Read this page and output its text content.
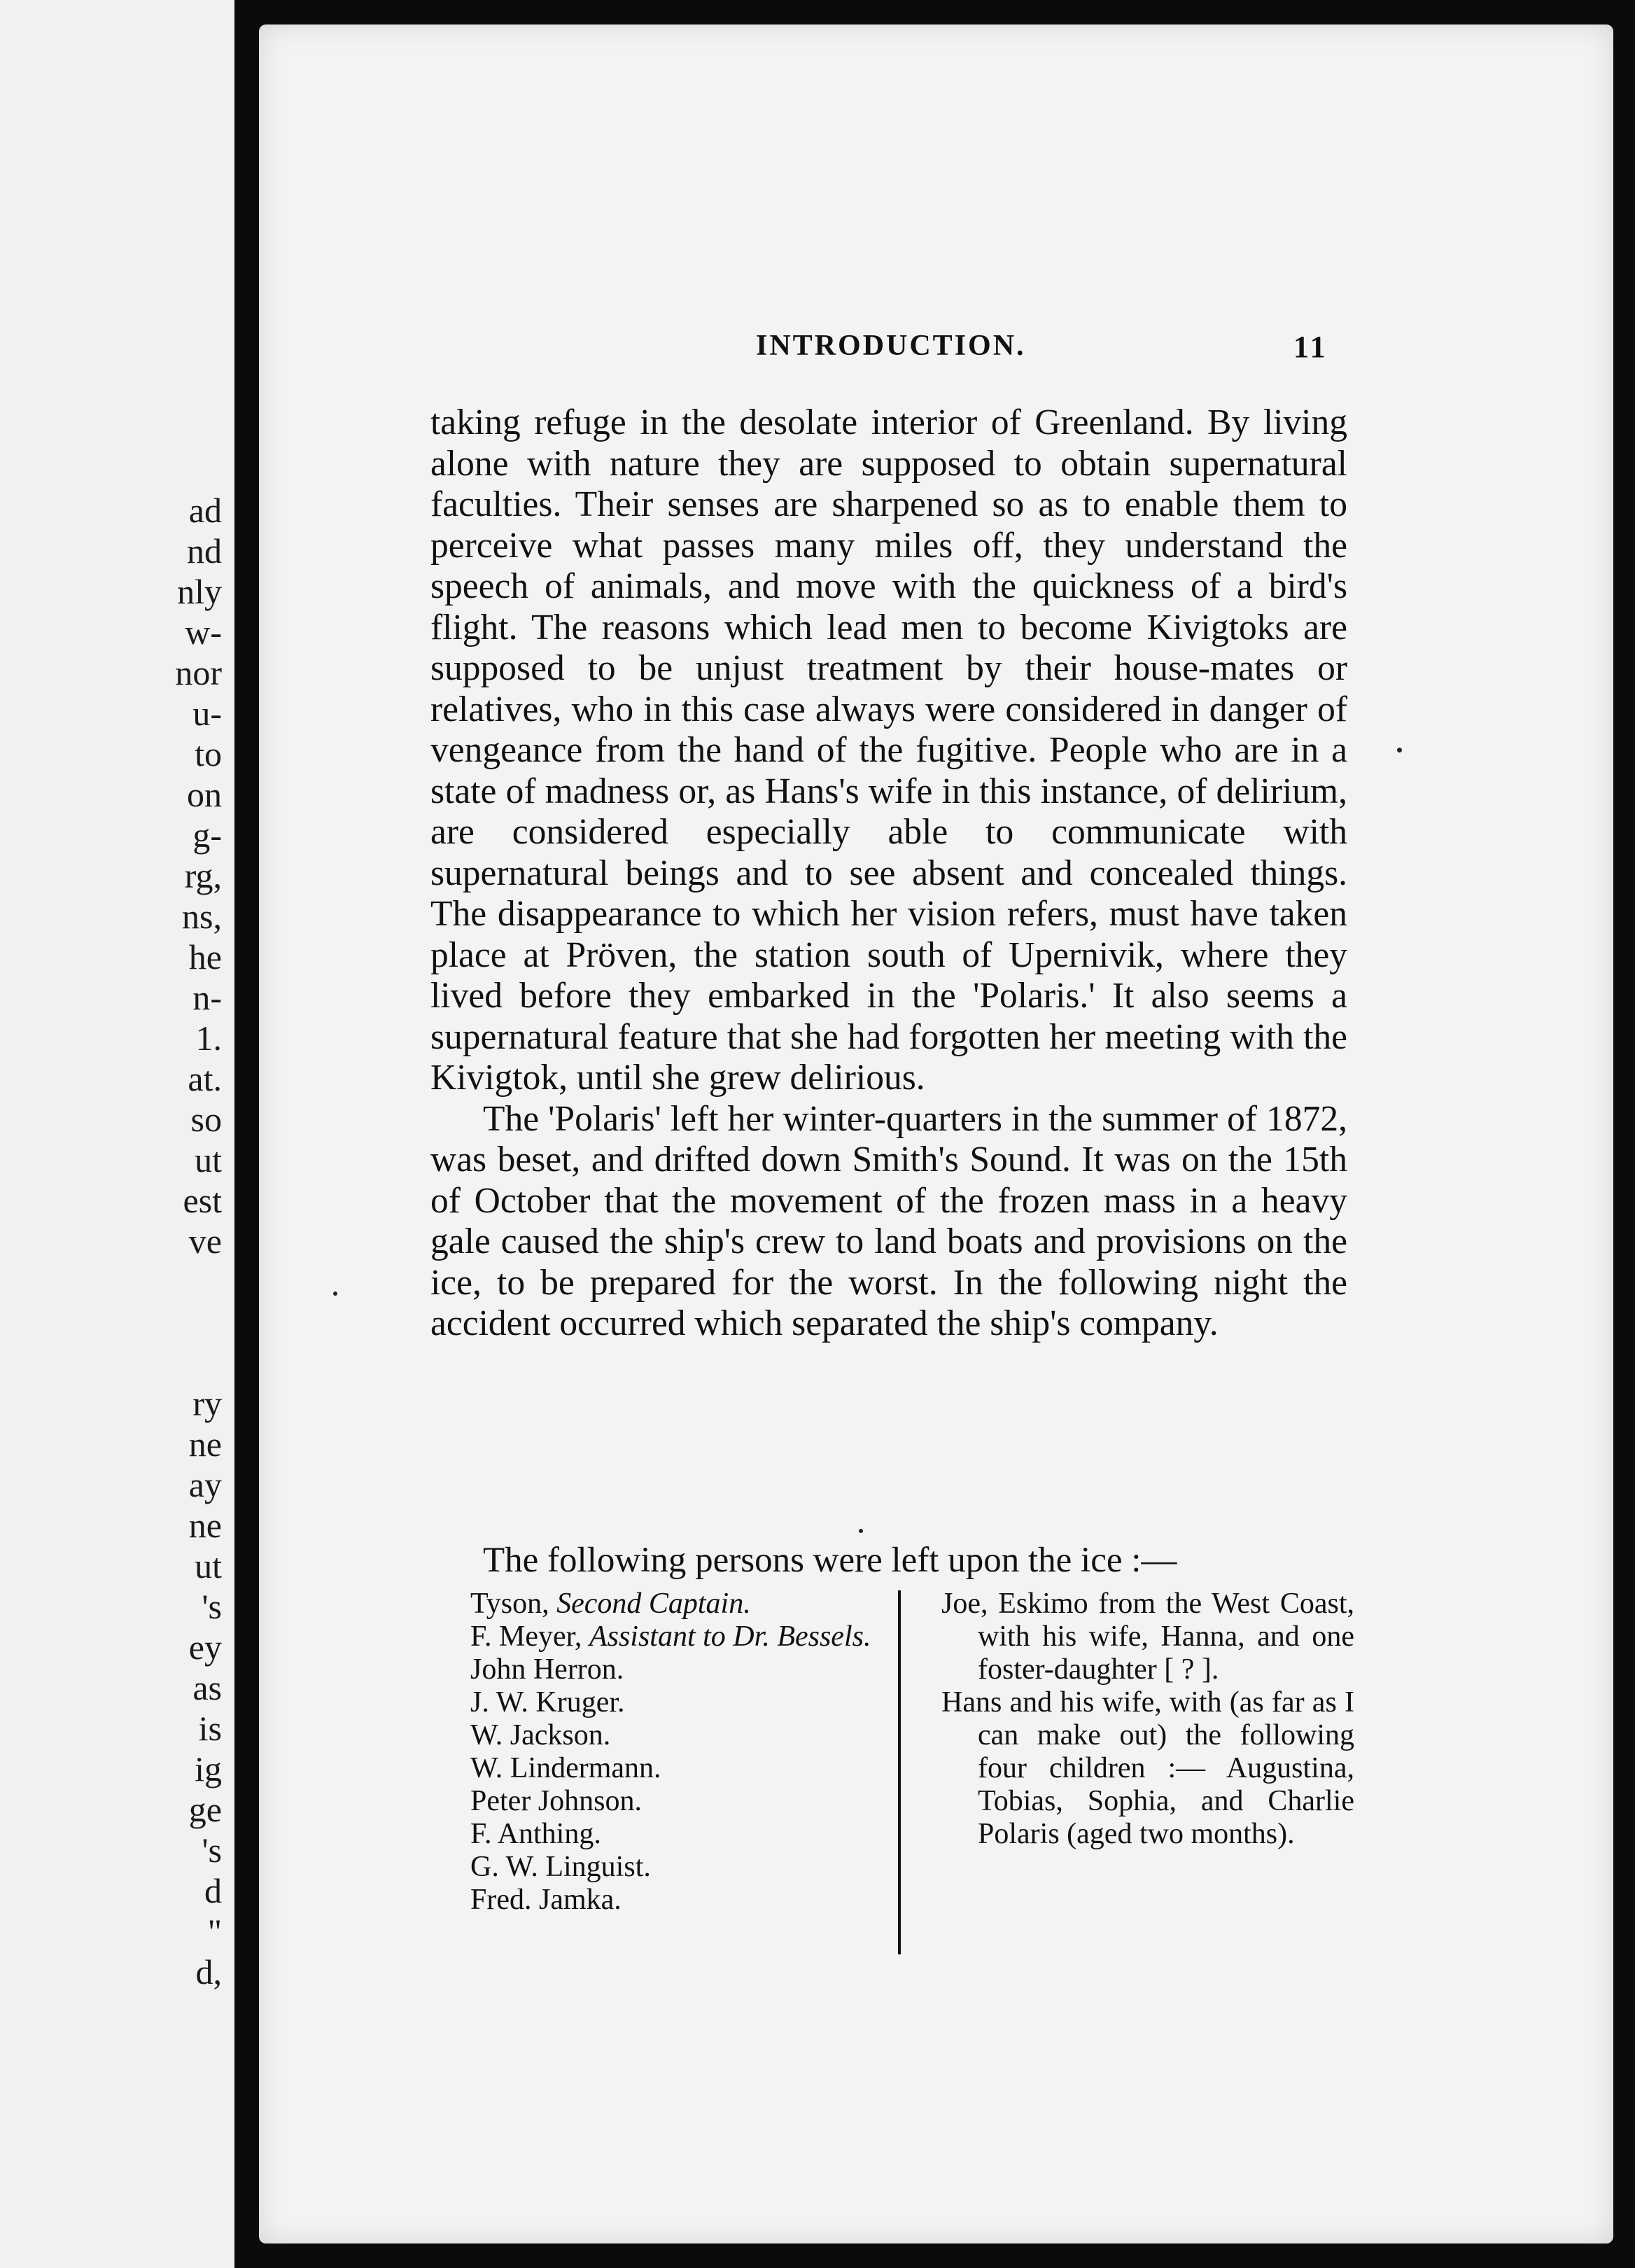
ad
nd
nly
w-
nor
u-
to
on
g-
rg,
ns,
he
n-
1.
at.
so
ut
est
ve
ry
ne
ay
ne
ut
's
ey
as
is
ig
ge
's
d
"
d,
INTRODUCTION.	11

taking refuge in the desolate interior of Greenland. By living alone with nature they are supposed to obtain supernatural faculties. Their senses are sharpened so as to enable them to perceive what passes many miles off, they understand the speech of animals, and move with the quickness of a bird's flight. The reasons which lead men to become Kivigtoks are supposed to be unjust treatment by their house-mates or relatives, who in this case always were considered in danger of vengeance from the hand of the fugitive. People who are in a state of madness or, as Hans's wife in this instance, of delirium, are considered especially able to communicate with supernatural beings and to see absent and concealed things. The disappearance to which her vision refers, must have taken place at Pröven, the station south of Upernivik, where they lived before they embarked in the 'Polaris.' It also seems a supernatural feature that she had forgotten her meeting with the Kivigtok, until she grew delirious.

The 'Polaris' left her winter-quarters in the summer of 1872, was beset, and drifted down Smith's Sound. It was on the 15th of October that the movement of the frozen mass in a heavy gale caused the ship's crew to land boats and provisions on the ice, to be prepared for the worst. In the following night the accident occurred which separated the ship's company.

The following persons were left upon the ice :—
Tyson, Second Captain.
F. Meyer, Assistant to Dr. Bessels.
John Herron.
J. W. Kruger.
W. Jackson.
W. Lindermann.
Peter Johnson.
F. Anthing.
G. W. Linguist.
Fred. Jamka.

Joe, Eskimo from the West Coast, with his wife, Hanna, and one foster-daughter [ ? ].

Hans and his wife, with (as far as I can make out) the following four children :— Augustina, Tobias, Sophia, and Charlie Polaris (aged two months).
